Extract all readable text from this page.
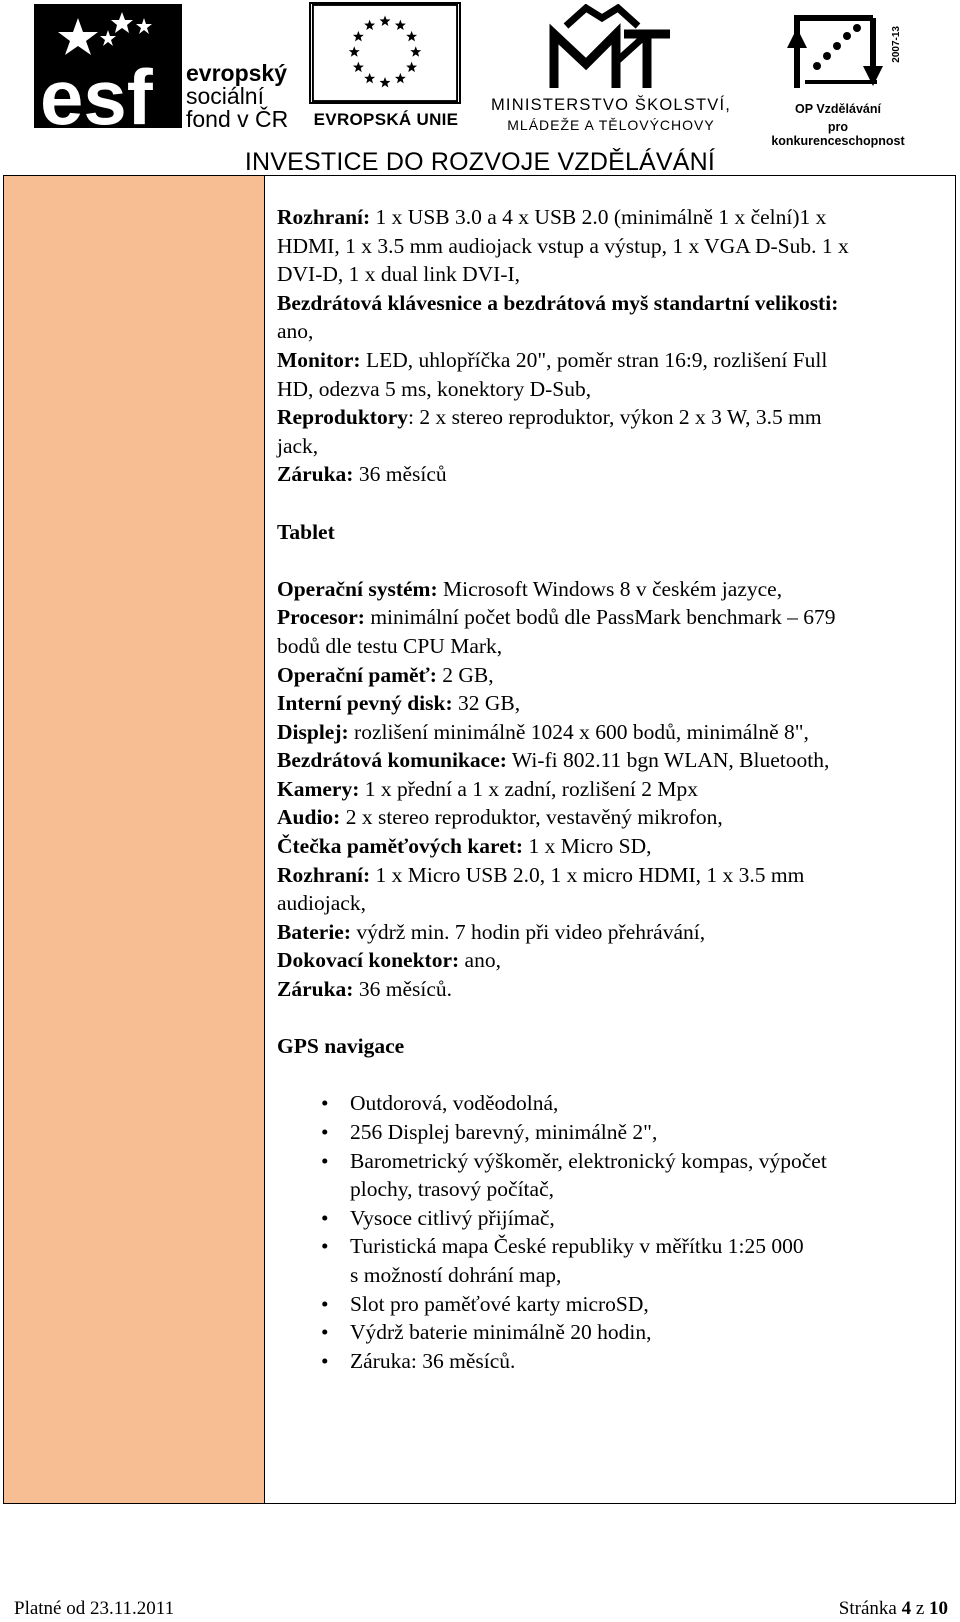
esf evropský
sociální
fond v ČR EVROPSKÁ UNIE
MINISTERSTVO ŠKOLSTVÍ,
MLÁDEŽE A TĚLOVÝCHOVY
2007-13
OP Vzdělávání
pro konkurenceschopnost
INVESTICE DO ROZVOJE VZDĚLÁVÁNÍ
Rozhraní: 1 x USB 3.0 a 4 x USB 2.0 (minimálně 1 x čelní)1 x
HDMI, 1 x 3.5 mm audiojack vstup a výstup, 1 x VGA D-Sub. 1 x
DVI-D, 1 x dual link DVI-I,
Bezdrátová klávesnice a bezdrátová myš standartní velikosti:
ano,
Monitor: LED, uhlopříčka 20", poměr stran 16:9, rozlišení Full
HD, odezva 5 ms, konektory D-Sub,
Reproduktory: 2 x stereo reproduktor, výkon 2 x 3 W, 3.5 mm
jack,
Záruka: 36 měsíců
Tablet
Operační systém: Microsoft Windows 8 v českém jazyce,
Procesor: minimální počet bodů dle PassMark benchmark – 679
bodů dle testu CPU Mark,
Operační paměť: 2 GB,
Interní pevný disk: 32 GB,
Displej: rozlišení minimálně 1024 x 600 bodů, minimálně 8",
Bezdrátová komunikace: Wi-fi 802.11 bgn WLAN, Bluetooth,
Kamery: 1 x přední a 1 x zadní, rozlišení 2 Mpx
Audio: 2 x stereo reproduktor, vestavěný mikrofon,
Čtečka paměťových karet: 1 x Micro SD,
Rozhraní: 1 x Micro USB 2.0, 1 x micro HDMI, 1 x 3.5 mm
audiojack,
Baterie: výdrž min. 7 hodin při video přehrávání,
Dokovací konektor: ano,
Záruka: 36 měsíců.
GPS navigace
• Outdorová, voděodolná,
• 256 Displej barevný, minimálně 2",
• Barometrický výškoměr, elektronický kompas, výpočet
plochy, trasový počítač,
• Vysoce citlivý přijímač,
• Turistická mapa České republiky v měřítku 1:25 000
s možností dohrání map,
• Slot pro paměťové karty microSD,
• Výdrž baterie minimálně 20 hodin,
• Záruka: 36 měsíců.
Platné od 23.11.2011	Stránka 4 z 10
